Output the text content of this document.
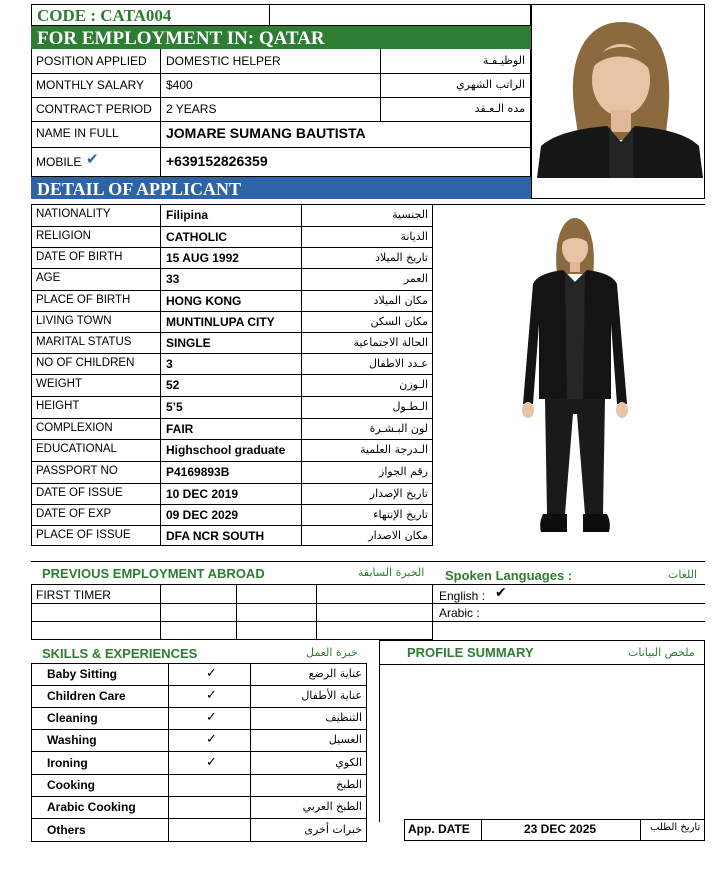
CODE : CATA004
FOR EMPLOYMENT IN: QATAR
POSITION APPLIED DOMESTIC HELPER	الوظيـفـة
MONTHLY SALARY $400	الراتب الشهري
CONTRACT PERIOD 2 YEARS	مده الـعـقد
NAME IN FULL	JOMARE SUMANG BAUTISTA
MOBILE ✔	+639152826359
DETAIL OF APPLICANT
NATIONALITY	Filipina	الجنسية
RELIGION	CATHOLIC	الديانة
DATE OF BIRTH	15 AUG 1992	تاريخ الميلاد
AGE	33	العمر
PLACE OF BIRTH	HONG KONG	مكان الميلاد
LIVING TOWN	MUNTINLUPA CITY	مكان السكن
MARITAL STATUS	SINGLE	الحالة الاجتماعية
NO OF CHILDREN	3	عـدد الاطفال
WEIGHT	52	الـوزن
HEIGHT	5’5	الـطـول
COMPLEXION	FAIR	لون البـشـرة
EDUCATIONAL	Highschool graduate	الـدرجة العلمية
PASSPORT NO	P4169893B	رقم الجواز
DATE OF ISSUE	10 DEC 2019	تاريخ الإصدار
DATE OF EXP	09 DEC 2029	تاريخ الإنتهاء
PLACE OF ISSUE	DFA NCR SOUTH	مكان الاصدار
PREVIOUS EMPLOYMENT ABROAD	الخبرة السابقة
FIRST TIMER
Spoken Languages :	اللغات
English : ✔
Arabic :
SKILLS & EXPERIENCES	خبرة العمل
Baby Sitting	✓	عناية الرضع
Children Care	✓	عناية الأطفال
Cleaning	✓	التنظيف
Washing	✓	الغسيل
Ironing	✓	الكوي
Cooking	الطبخ
Arabic Cooking	الطبخ العربي
Others	خبرات أخرى
PROFILE SUMMARY	ملخص البيانات
App. DATE	23 DEC 2025	تاريخ الطلب
